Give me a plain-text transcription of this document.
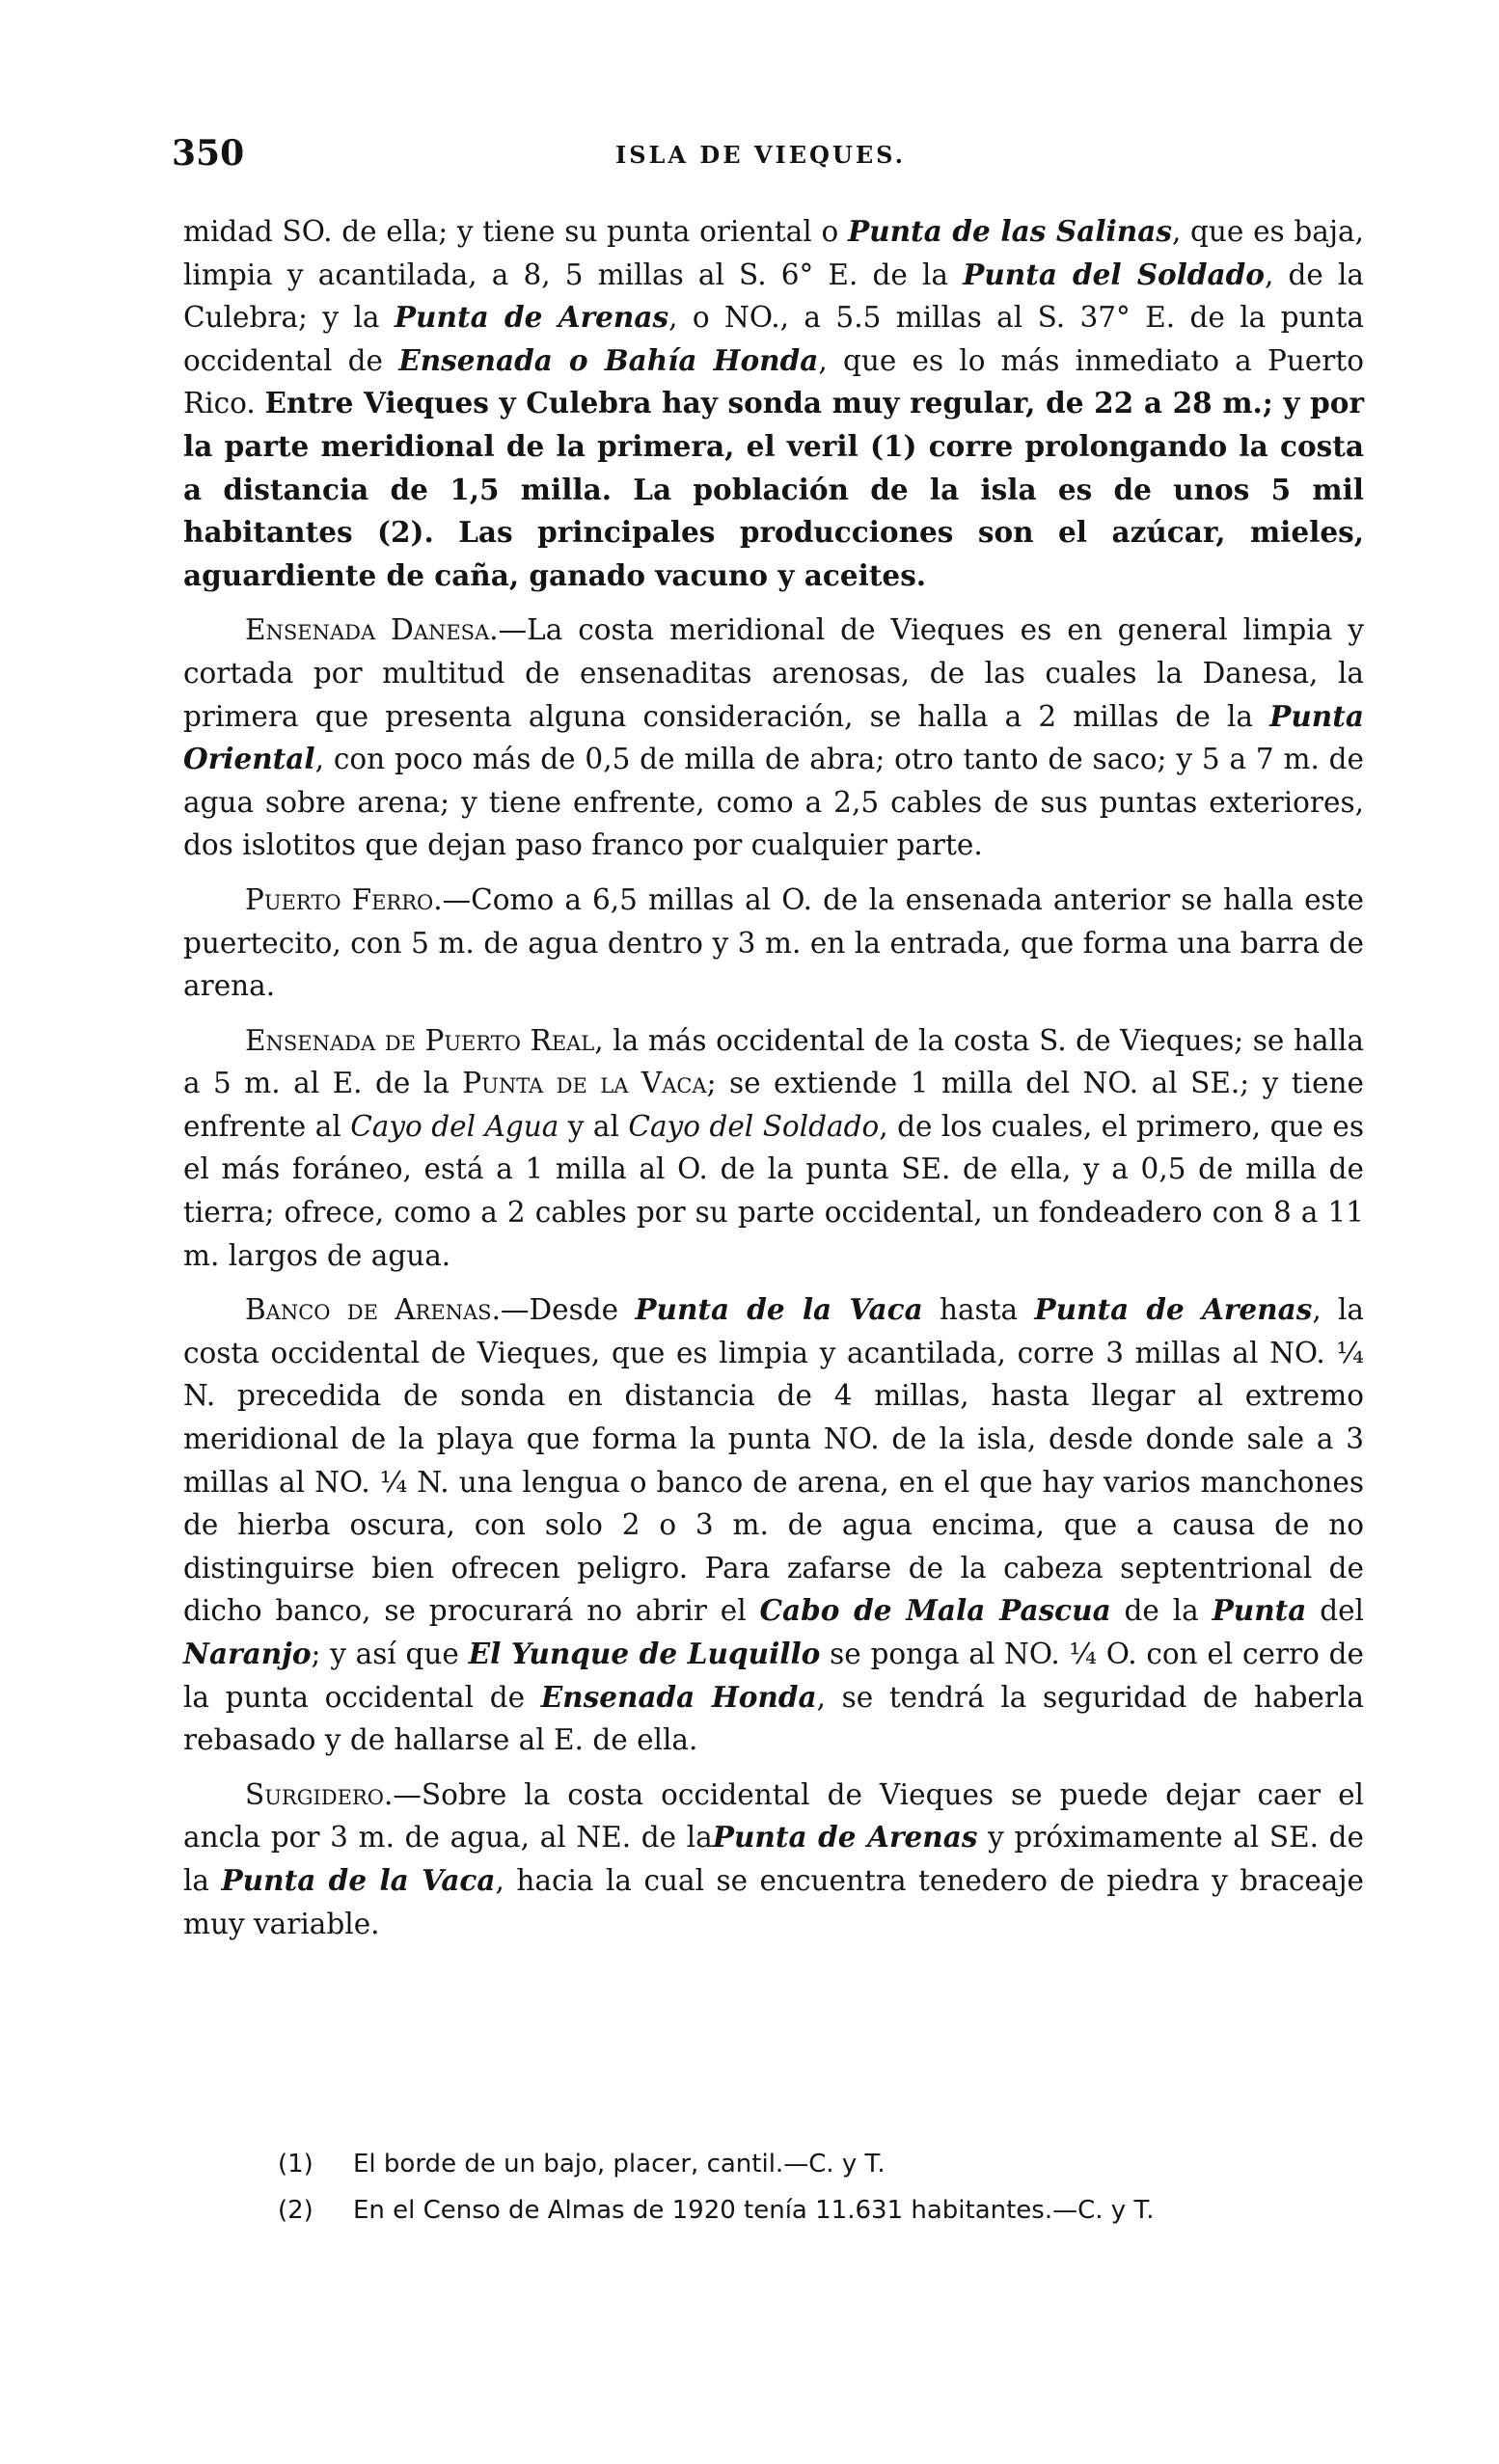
350	ISLA DE VIEQUES.

midad SO. de ella; y tiene su punta oriental o Punta de las Salinas, que es baja, limpia y acantilada, a 8, 5 millas al S. 6° E. de la Punta del Soldado, de la Culebra; y la Punta de Arenas, o NO., a 5.5 millas al S. 37° E. de la punta occidental de Ensenada o Bahía Honda, que es lo más inmediato a Puerto Rico. Entre Vieques y Culebra hay sonda muy regular, de 22 a 28 m.; y por la parte meridional de la primera, el veril (1) corre prolongando la costa a distancia de 1,5 milla. La población de la isla es de unos 5 mil habitantes (2). Las principales producciones son el azúcar, mieles, aguardiente de caña, ganado vacuno y aceites.

Ensenada Danesa.—La costa meridional de Vieques es en general limpia y cortada por multitud de ensenaditas arenosas, de las cuales la Danesa, la primera que presenta alguna consideración, se halla a 2 millas de la Punta Oriental, con poco más de 0,5 de milla de abra; otro tanto de saco; y 5 a 7 m. de agua sobre arena; y tiene enfrente, como a 2,5 cables de sus puntas exteriores, dos islotitos que dejan paso franco por cualquier parte.

Puerto Ferro.—Como a 6,5 millas al O. de la ensenada anterior se halla este puertecito, con 5 m. de agua dentro y 3 m. en la entrada, que forma una barra de arena.

Ensenada de Puerto Real, la más occidental de la costa S. de Vieques; se halla a 5 m. al E. de la Punta de la Vaca; se extiende 1 milla del NO. al SE.; y tiene enfrente al Cayo del Agua y al Cayo del Soldado, de los cuales, el primero, que es el más foráneo, está a 1 milla al O. de la punta SE. de ella, y a 0,5 de milla de tierra; ofrece, como a 2 cables por su parte occidental, un fondeadero con 8 a 11 m. largos de agua.

Banco de Arenas.—Desde Punta de la Vaca hasta Punta de Arenas, la costa occidental de Vieques, que es limpia y acantilada, corre 3 millas al NO. ¼ N. precedida de sonda en distancia de 4 millas, hasta llegar al extremo meridional de la playa que forma la punta NO. de la isla, desde donde sale a 3 millas al NO. ¼ N. una lengua o banco de arena, en el que hay varios manchones de hierba oscura, con solo 2 o 3 m. de agua encima, que a causa de no distinguirse bien ofrecen peligro. Para zafarse de la cabeza septentrional de dicho banco, se procurará no abrir el Cabo de Mala Pascua de la Punta del Naranjo; y así que El Yunque de Luquillo se ponga al NO. ¼ O. con el cerro de la punta occidental de Ensenada Honda, se tendrá la seguridad de haberla rebasado y de hallarse al E. de ella.

Surgidero.—Sobre la costa occidental de Vieques se puede dejar caer el ancla por 3 m. de agua, al NE. de laPunta de Arenas y próximamente al SE. de la Punta de la Vaca, hacia la cual se encuentra tenedero de piedra y braceaje muy variable.

(1) El borde de un bajo, placer, cantil.—C. y T.

(2) En el Censo de Almas de 1920 tenía 11.631 habitantes.—C. y T.
